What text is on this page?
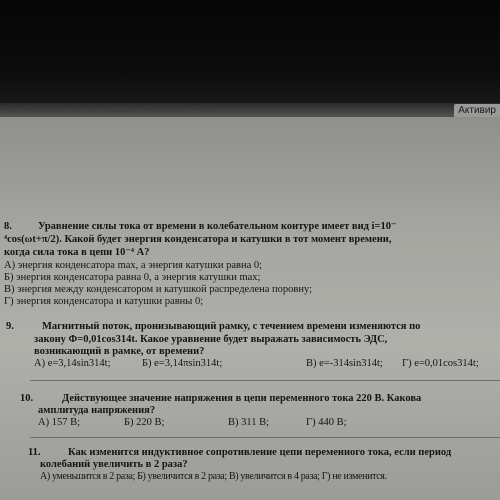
тем отношения, так как предмет отношения... тексте ...	Активир
8. Уравнение силы тока от времени в колебательном контуре имеет вид i=10⁻
⁴cos(ωt+π/2). Какой будет энергия конденсатора и катушки в тот момент времени,
когда сила тока в цепи 10⁻⁴ А?
А) энергия конденсатора max, а энергия катушки равна 0;
Б) энергия конденсатора равна 0, а энергия катушки max;
В) энергия между конденсатором и катушкой распределена поровну;
Г) энергия конденсатора и катушки равны 0;
9.	Магнитный поток, пронизывающий рамку, с течением времени изменяются по
закону Φ=0,01cos314t. Какое уравнение будет выражать зависимость ЭДС,
возникающий в рамке, от времени?
А) e=3,14sin314t;	Б) e=3,14πsin314t;	В) e=-314sin314t; Г) e=0,01cos314t;
10.	Действующее значение напряжения в цепи переменного тока 220 В. Какова
амплитуда напряжения?
А) 157 В;	Б) 220 В;	В) 311 В;	Г) 440 В;
11.	Как изменится индуктивное сопротивление цепи переменного тока, если период
колебаний увеличить в 2 раза?
А) уменьшится в 2 раза; Б) увеличится в 2 раза; В) увеличится в 4 раза; Г) не изменится.
